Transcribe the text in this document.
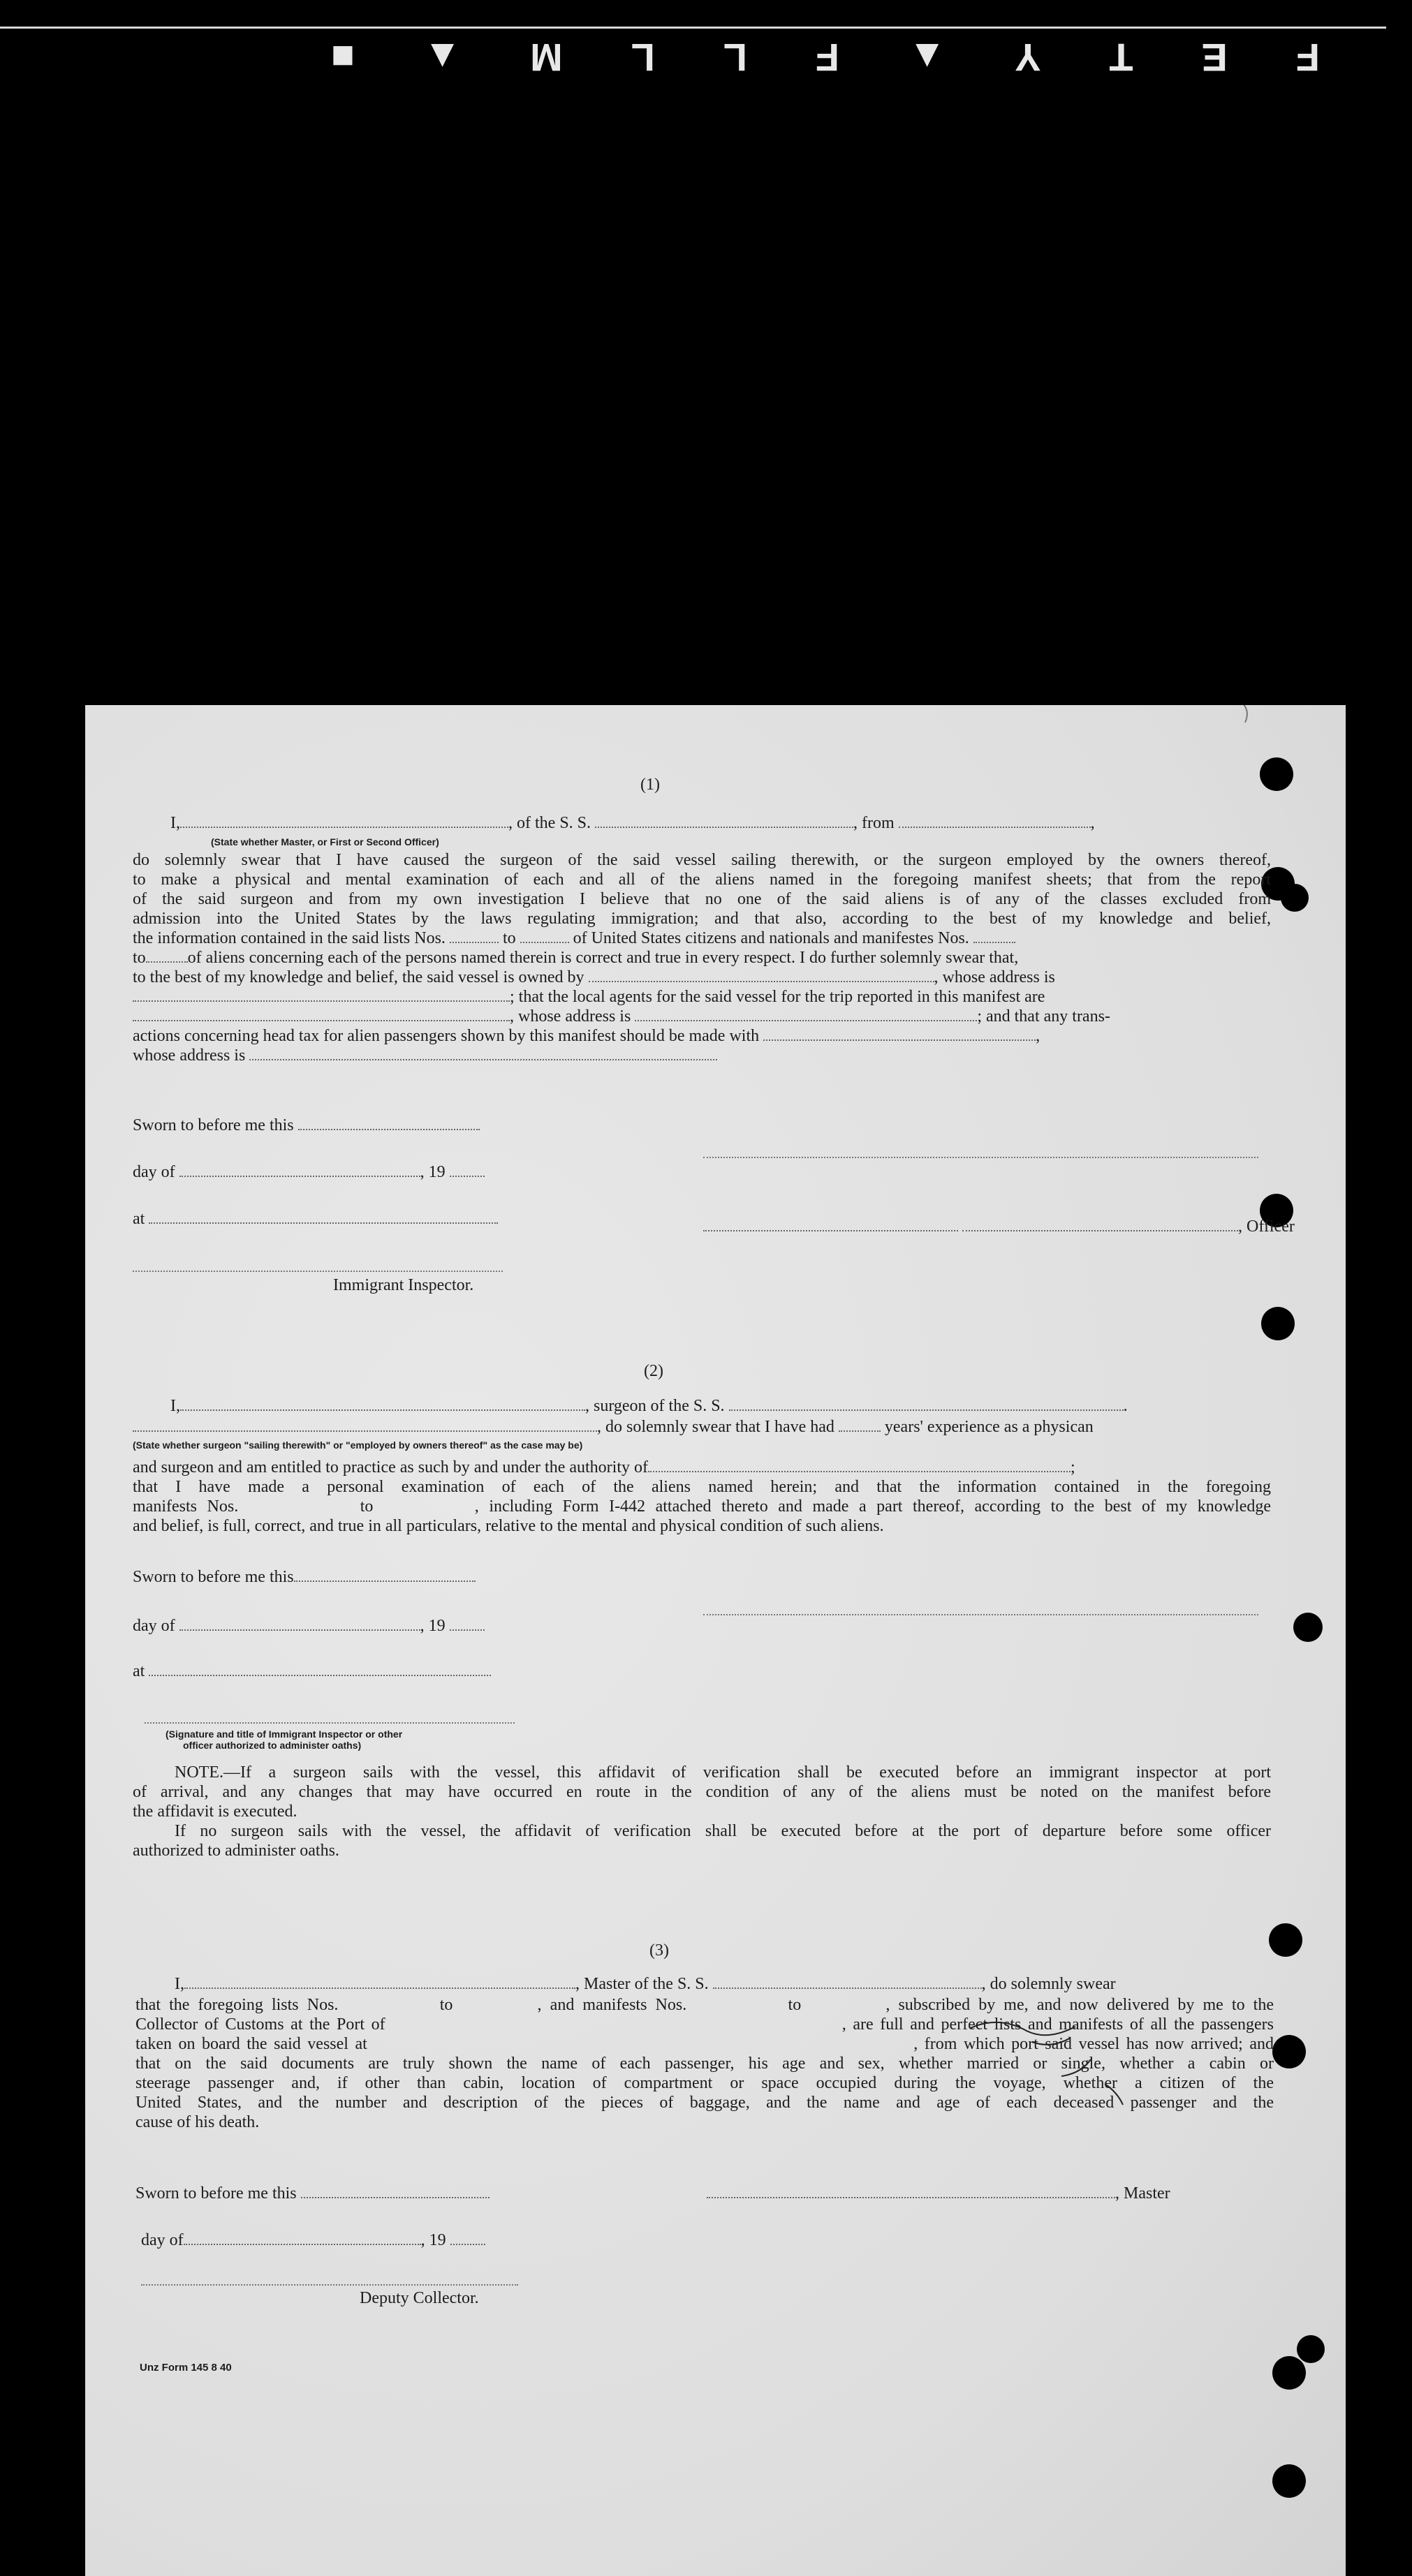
F
E
T
Y
▲
F
L
L
M
▲
■
(1)
I,	, of the S. S.	, from	,
(State whether Master, or First or Second Officer)
do solemnly swear that I have caused the surgeon of the said vessel sailing therewith, or the surgeon employed by the owners thereof,
to make a physical and mental examination of each and all of the aliens named in the foregoing manifest sheets; that from the report
of the said surgeon and from my own investigation I believe that no one of the said aliens is of any of the classes excluded from
admission into the United States by the laws regulating immigration; and that also, according to the best of my knowledge and belief,
the information contained in the said lists Nos.	to	of United States citizens and nationals and manifestes Nos.
to	of aliens concerning each of the persons named therein is correct and true in every respect. I do further solemnly swear that,
to the best of my knowledge and belief, the said vessel is owned by	, whose address is
; that the local agents for the said vessel for the trip reported in this manifest are
, whose address is	; and that any trans-
actions concerning head tax for alien passengers shown by this manifest should be made with	,
whose address is
Sworn to before me this
day of	, 19
at	, Officer
Immigrant Inspector.
(2)
I,	, surgeon of the S. S.	.
, do solemnly swear that I have had	years' experience as a physican
(State whether surgeon "sailing therewith" or "employed by owners thereof" as the case may be)
and surgeon and am entitled to practice as such by and under the authority of	;
that I have made a personal examination of each of the aliens named herein; and that the information contained in the foregoing
manifests Nos.            to          , including Form I-442 attached thereto and made a part thereof, according to the best of my knowledge
and belief, is full, correct, and true in all particulars, relative to the mental and physical condition of such aliens.
Sworn to before me this
day of	, 19
at
(Signature and title of Immigrant Inspector or other
officer authorized to administer oaths)
NOTE.—If a surgeon sails with the vessel, this affidavit of verification shall be executed before an immigrant inspector at port
of arrival, and any changes that may have occurred en route in the condition of any of the aliens must be noted on the manifest before
the affidavit is executed.
If no surgeon sails with the vessel, the affidavit of verification shall be executed before at the port of departure before some officer
authorized to administer oaths.
(3)
I,	, Master of the S. S.	, do solemnly swear
that the foregoing lists Nos.            to          , and manifests Nos.            to          , subscribed by me, and now delivered by me to the
Collector of Customs at the Port of                                                                    , are full and perfect lists and manifests of all the passengers
taken on board the said vessel at                                                                                  , from which port said vessel has now arrived; and
that on the said documents are truly shown the name of each passenger, his age and sex, whether married or single, whether a cabin or
steerage passenger and, if other than cabin, location of compartment or space occupied during the voyage, whether a citizen of the
United States, and the number and description of the pieces of baggage, and the name and age of each deceased passenger and the
cause of his death.
Sworn to before me this	, Master
day of	, 19
Deputy Collector.
Unz Form 145 8 40
